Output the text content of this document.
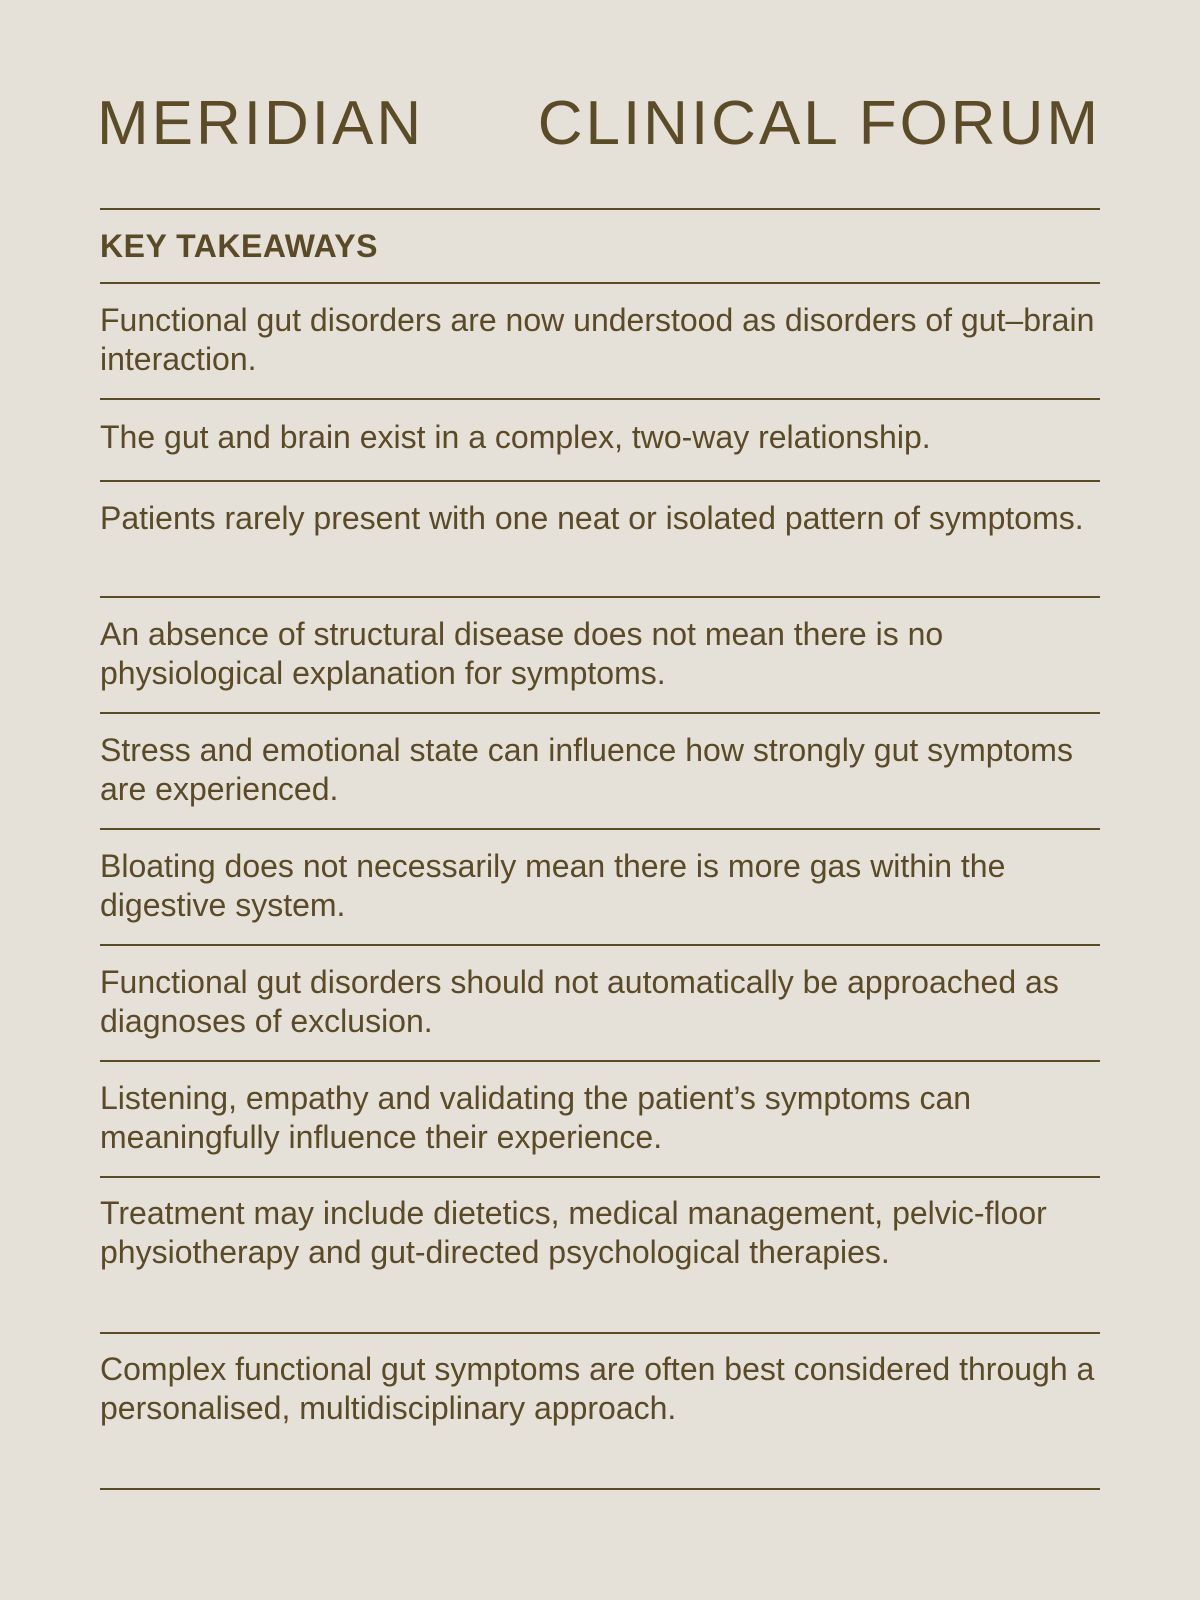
MERIDIAN CLINICAL FORUM
KEY TAKEAWAYS
Functional gut disorders are now understood as disorders of gut–brain interaction.
The gut and brain exist in a complex, two-way relationship.
Patients rarely present with one neat or isolated pattern of symptoms.
An absence of structural disease does not mean there is no physiological explanation for symptoms.
Stress and emotional state can influence how strongly gut symptoms are experienced.
Bloating does not necessarily mean there is more gas within the digestive system.
Functional gut disorders should not automatically be approached as diagnoses of exclusion.
Listening, empathy and validating the patient’s symptoms can meaningfully influence their experience.
Treatment may include dietetics, medical management, pelvic-floor physiotherapy and gut-directed psychological therapies.
Complex functional gut symptoms are often best considered through a personalised, multidisciplinary approach.
